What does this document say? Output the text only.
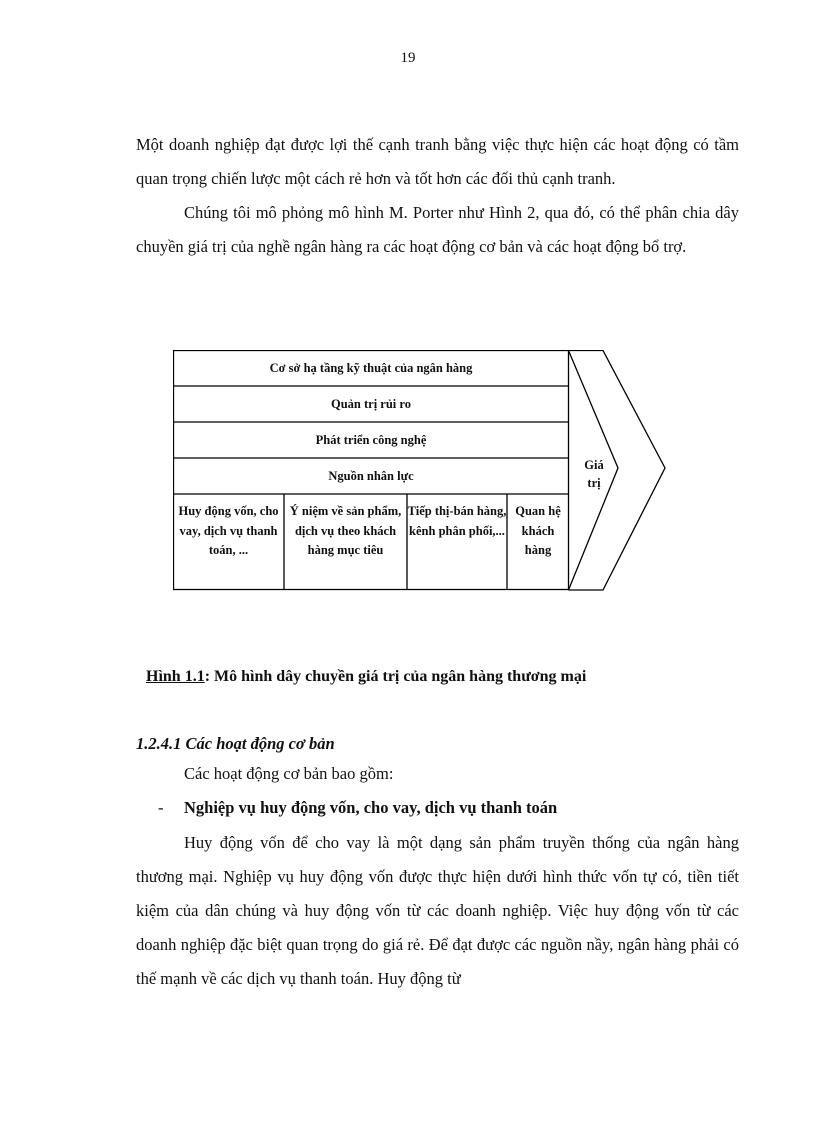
19

Một doanh nghiệp đạt được lợi thế cạnh tranh bằng việc thực hiện các hoạt động có tầm quan trọng chiến lược một cách rẻ hơn và tốt hơn các đối thủ cạnh tranh.

Chúng tôi mô phỏng mô hình M. Porter như Hình 2, qua đó, có thể phân chia dây chuyền giá trị của nghề ngân hàng ra các hoạt động cơ bản và các hoạt động bổ trợ.

Cơ sở hạ tầng kỹ thuật của ngân hàng
Quản trị rủi ro
Phát triển công nghệ
Nguồn nhân lực
Huy động vốn, cho vay, dịch vụ thanh toán, ...
Ý niệm về sản phẩm, dịch vụ theo khách hàng mục tiêu
Tiếp thị-bán hàng, kênh phân phối,...
Quan hệ khách hàng
Giá trị
Hình 1.1: Mô hình dây chuyền giá trị của ngân hàng thương mại
1.2.4.1 Các hoạt động cơ bản
Các hoạt động cơ bản bao gồm:
- Nghiệp vụ huy động vốn, cho vay, dịch vụ thanh toán

Huy động vốn để cho vay là một dạng sản phẩm truyền thống của ngân hàng thương mại. Nghiệp vụ huy động vốn được thực hiện dưới hình thức vốn tự có, tiền tiết kiệm của dân chúng và huy động vốn từ các doanh nghiệp. Việc huy động vốn từ các doanh nghiệp đặc biệt quan trọng do giá rẻ. Để đạt được các nguồn nầy, ngân hàng phải có thế mạnh về các dịch vụ thanh toán. Huy động từ
